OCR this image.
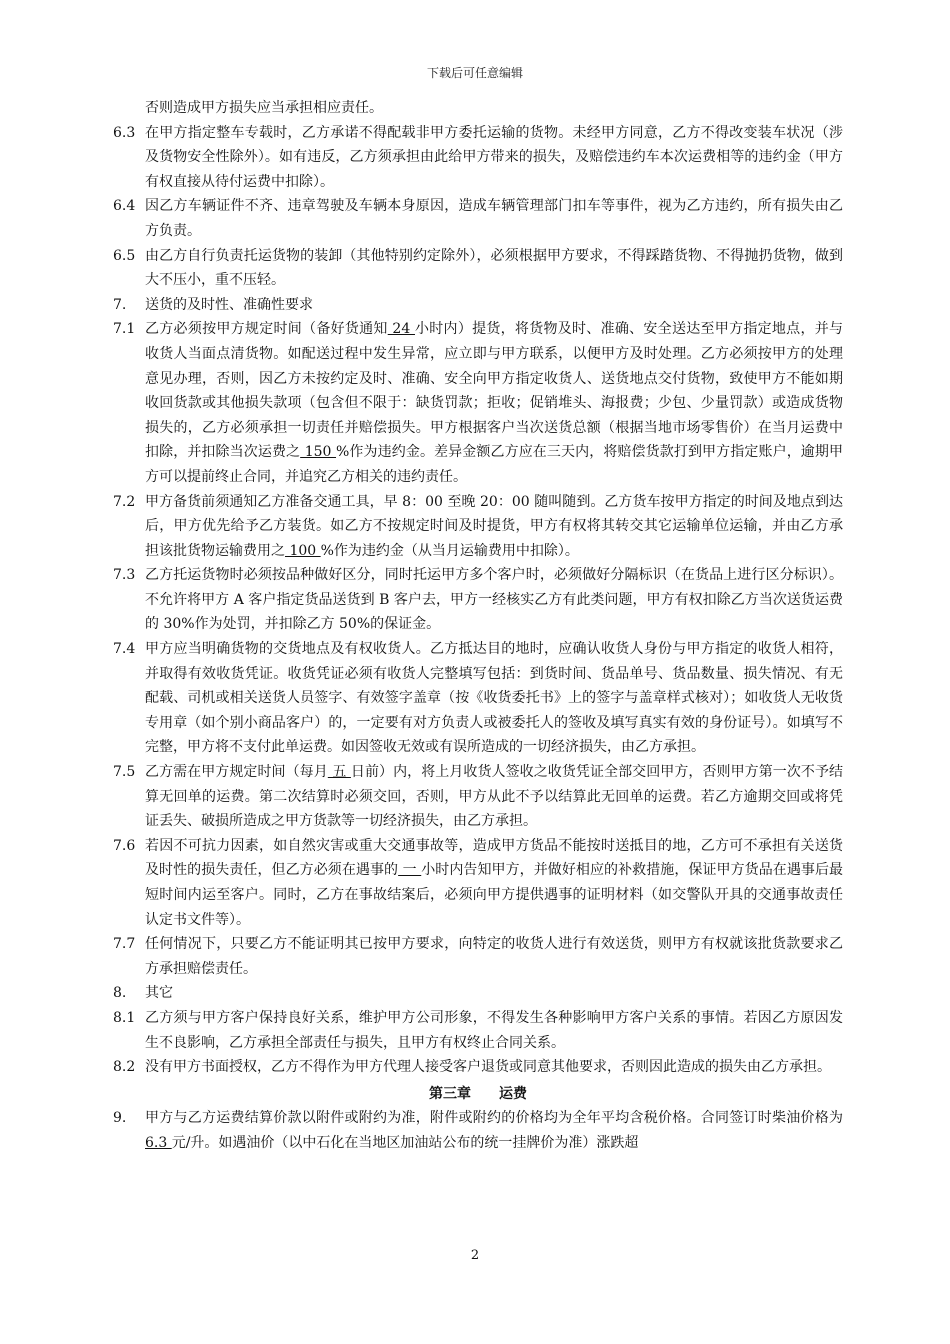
下载后可任意编辑
否则造成甲方损失应当承担相应责任。
6.3 在甲方指定整车专载时，乙方承诺不得配载非甲方委托运输的货物。未经甲方同意，乙方不得改变装车状况（涉及货物安全性除外）。如有违反，乙方须承担由此给甲方带来的损失，及赔偿违约车本次运费相等的违约金（甲方有权直接从待付运费中扣除）。
6.4 因乙方车辆证件不齐、违章驾驶及车辆本身原因，造成车辆管理部门扣车等事件，视为乙方违约，所有损失由乙方负责。
6.5 由乙方自行负责托运货物的装卸（其他特别约定除外），必须根据甲方要求，不得踩踏货物、不得抛扔货物，做到大不压小，重不压轻。
7. 送货的及时性、准确性要求
7.1 乙方必须按甲方规定时间（备好货通知 24 小时内）提货，将货物及时、准确、安全送达至甲方指定地点，并与收货人当面点清货物。如配送过程中发生异常，应立即与甲方联系，以便甲方及时处理。乙方必须按甲方的处理意见办理，否则，因乙方未按约定及时、准确、安全向甲方指定收货人、送货地点交付货物，致使甲方不能如期收回货款或其他损失款项（包含但不限于：缺货罚款；拒收；促销堆头、海报费；少包、少量罚款）或造成货物损失的，乙方必须承担一切责任并赔偿损失。甲方根据客户当次送货总额（根据当地市场零售价）在当月运费中扣除，并扣除当次运费之 150 %作为违约金。差异金额乙方应在三天内，将赔偿货款打到甲方指定账户，逾期甲方可以提前终止合同，并追究乙方相关的违约责任。
7.2 甲方备货前须通知乙方准备交通工具，早 8：00 至晚 20：00 随叫随到。乙方货车按甲方指定的时间及地点到达后，甲方优先给予乙方装货。如乙方不按规定时间及时提货，甲方有权将其转交其它运输单位运输，并由乙方承担该批货物运输费用之 100 %作为违约金（从当月运输费用中扣除）。
7.3 乙方托运货物时必须按品种做好区分，同时托运甲方多个客户时，必须做好分隔标识（在货品上进行区分标识）。不允许将甲方 A 客户指定货品送货到 B 客户去，甲方一经核实乙方有此类问题，甲方有权扣除乙方当次送货运费的 30%作为处罚，并扣除乙方 50%的保证金。
7.4 甲方应当明确货物的交货地点及有权收货人。乙方抵达目的地时，应确认收货人身份与甲方指定的收货人相符，并取得有效收货凭证。收货凭证必须有收货人完整填写包括：到货时间、货品单号、货品数量、损失情况、有无配载、司机或相关送货人员签字、有效签字盖章（按《收货委托书》上的签字与盖章样式核对）；如收货人无收货专用章（如个别小商品客户）的，一定要有对方负责人或被委托人的签收及填写真实有效的身份证号）。如填写不完整，甲方将不支付此单运费。如因签收无效或有误所造成的一切经济损失，由乙方承担。
7.5 乙方需在甲方规定时间（每月 五 日前）内，将上月收货人签收之收货凭证全部交回甲方，否则甲方第一次不予结算无回单的运费。第二次结算时必须交回，否则，甲方从此不予以结算此无回单的运费。若乙方逾期交回或将凭证丢失、破损所造成之甲方货款等一切经济损失，由乙方承担。
7.6 若因不可抗力因素，如自然灾害或重大交通事故等，造成甲方货品不能按时送抵目的地，乙方可不承担有关送货及时性的损失责任，但乙方必须在遇事的 一 小时内告知甲方，并做好相应的补救措施，保证甲方货品在遇事后最短时间内运至客户。同时，乙方在事故结案后，必须向甲方提供遇事的证明材料（如交警队开具的交通事故责任认定书文件等）。
7.7 任何情况下，只要乙方不能证明其已按甲方要求，向特定的收货人进行有效送货，则甲方有权就该批货款要求乙方承担赔偿责任。
8. 其它
8.1 乙方须与甲方客户保持良好关系，维护甲方公司形象，不得发生各种影响甲方客户关系的事情。若因乙方原因发生不良影响，乙方承担全部责任与损失，且甲方有权终止合同关系。
8.2 没有甲方书面授权，乙方不得作为甲方代理人接受客户退货或同意其他要求，否则因此造成的损失由乙方承担。
第三章 运费
9. 甲方与乙方运费结算价款以附件或附约为准，附件或附约的价格均为全年平均含税价格。合同签订时柴油价格为 6.3 元/升。如遇油价（以中石化在当地区加油站公布的统一挂牌价为准）涨跌超
2
